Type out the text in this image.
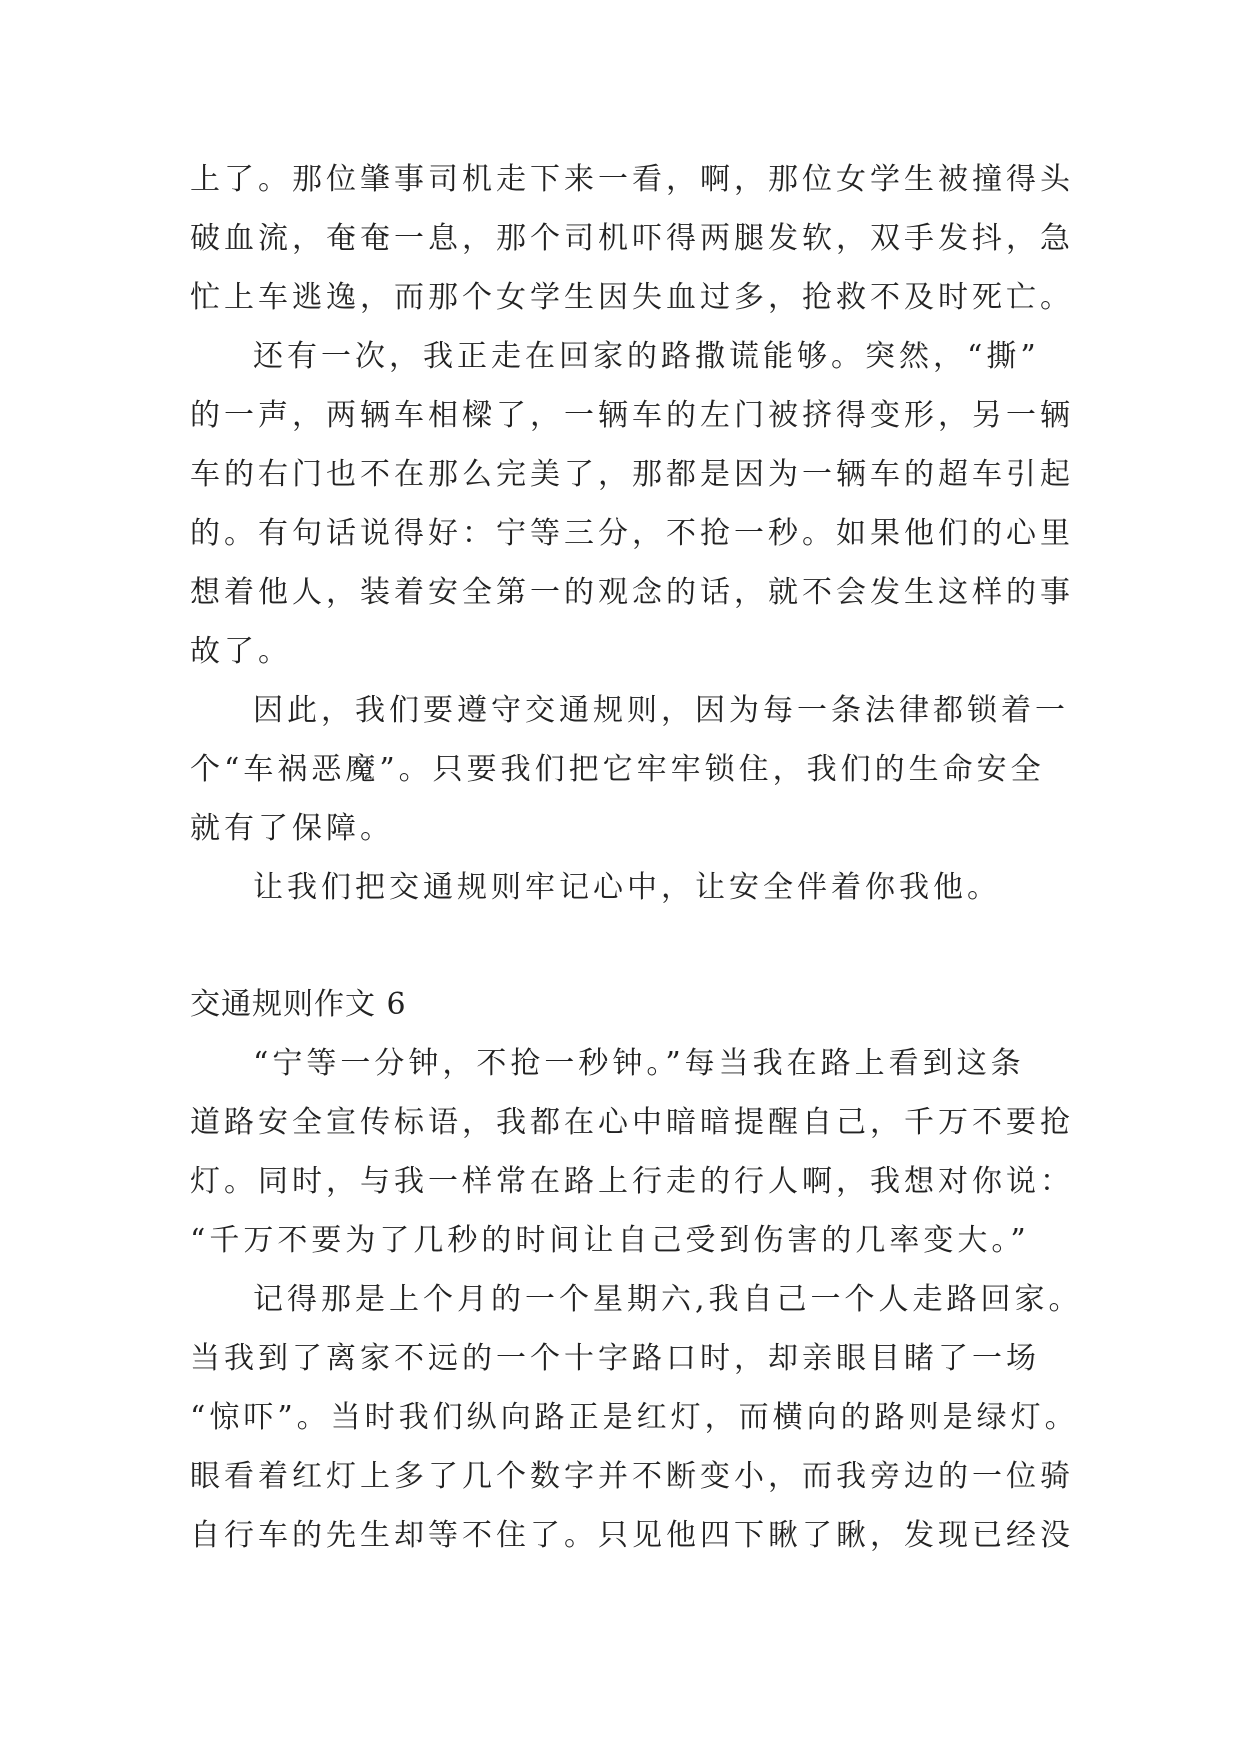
上了。那位肇事司机走下来一看，啊，那位女学生被撞得头
破血流，奄奄一息，那个司机吓得两腿发软，双手发抖，急
忙上车逃逸，而那个女学生因失血过多，抢救不及时死亡。
还有一次，我正走在回家的路撒谎能够。突然，“撕”
的一声，两辆车相樑了，一辆车的左门被挤得变形，另一辆
车的右门也不在那么完美了，那都是因为一辆车的超车引起
的。有句话说得好：宁等三分，不抢一秒。如果他们的心里
想着他人，装着安全第一的观念的话，就不会发生这样的事
故了。
因此，我们要遵守交通规则，因为每一条法律都锁着一
个“车祸恶魔”。只要我们把它牢牢锁住，我们的生命安全
就有了保障。
让我们把交通规则牢记心中，让安全伴着你我他。
交通规则作文 6
“宁等一分钟，不抢一秒钟。”每当我在路上看到这条
道路安全宣传标语，我都在心中暗暗提醒自己，千万不要抢
灯。同时，与我一样常在路上行走的行人啊，我想对你说：
“千万不要为了几秒的时间让自己受到伤害的几率变大。”
记得那是上个月的一个星期六,我自己一个人走路回家。
当我到了离家不远的一个十字路口时，却亲眼目睹了一场
“惊吓”。当时我们纵向路正是红灯，而横向的路则是绿灯。
眼看着红灯上多了几个数字并不断变小，而我旁边的一位骑
自行车的先生却等不住了。只见他四下瞅了瞅，发现已经没
